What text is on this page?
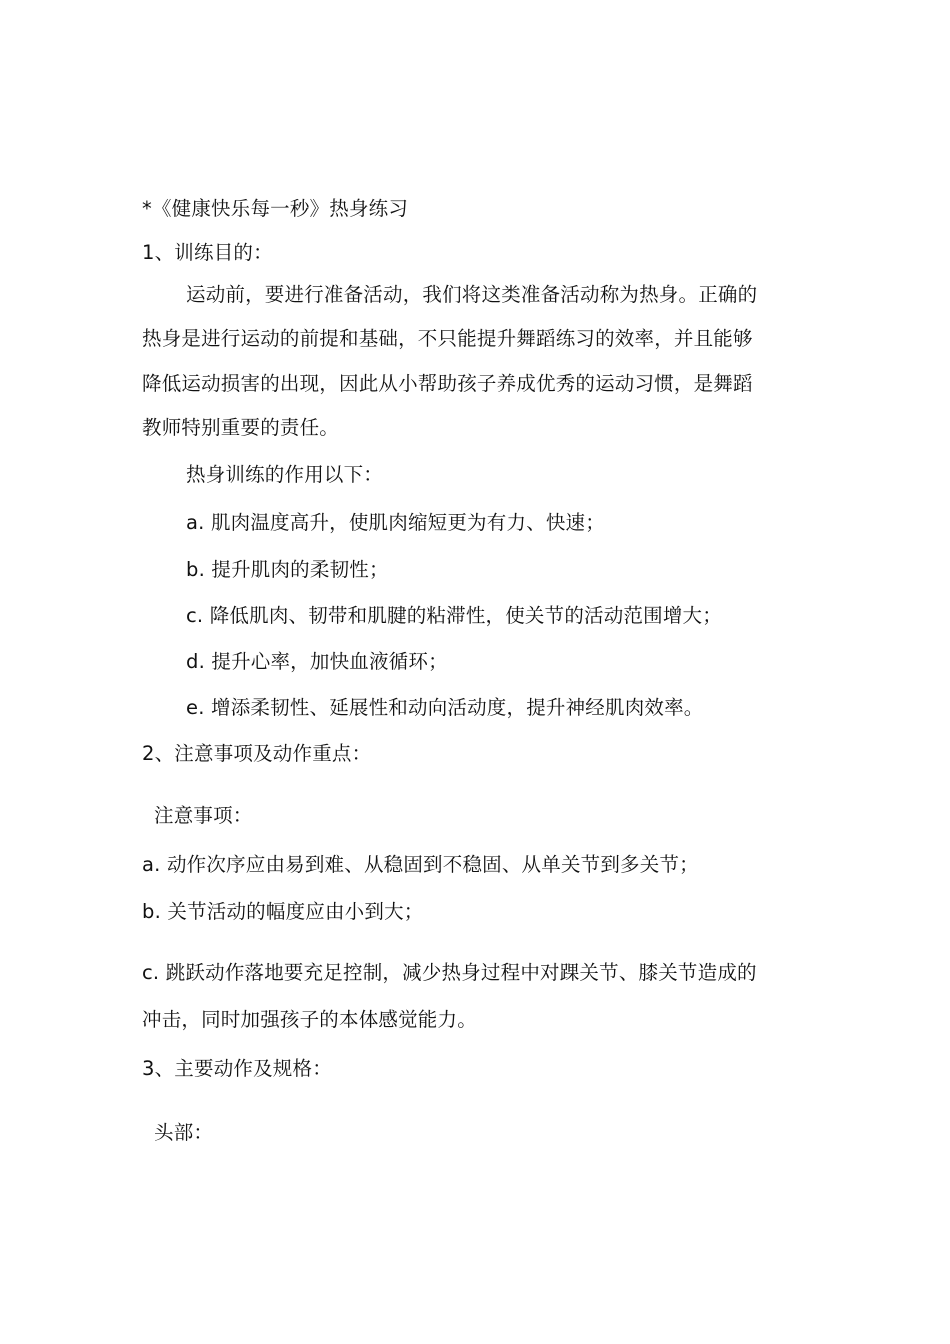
*《健康快乐每一秒》热身练习
1、训练目的：
运动前，要进行准备活动，我们将这类准备活动称为热身。正确的
热身是进行运动的前提和基础，不只能提升舞蹈练习的效率，并且能够
降低运动损害的出现，因此从小帮助孩子养成优秀的运动习惯，是舞蹈
教师特别重要的责任。
热身训练的作用以下：
a. 肌肉温度高升，使肌肉缩短更为有力、快速；
b. 提升肌肉的柔韧性；
c. 降低肌肉、韧带和肌腱的粘滞性，使关节的活动范围增大；
d. 提升心率，加快血液循环；
e. 增添柔韧性、延展性和动向活动度，提升神经肌肉效率。
2、注意事项及动作重点：
注意事项：
a. 动作次序应由易到难、从稳固到不稳固、从单关节到多关节；
b. 关节活动的幅度应由小到大；
c. 跳跃动作落地要充足控制，减少热身过程中对踝关节、膝关节造成的
冲击，同时加强孩子的本体感觉能力。
3、主要动作及规格：
头部：
